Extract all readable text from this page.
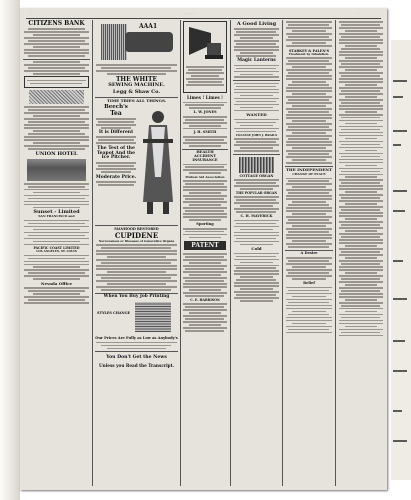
· · ·	· · · · · · ·	· · ·
CITIZENS BANK
UNION HOTEL
Sunset - Limited
SAN FRANCISCO and
PACIFIC COAST LIMITED
LOS ANGELES, ST. LOUIS
Nevada Office
AAA1
THE WHITE
SEWING MACHINE.
Legg & Shaw Co.
TIME TRIES ALL THINGS.
Beech's
Tea
It is Different
The Test of the
Teapot And the
Ice Pitcher.
Moderate Price.
MANHOOD RESTORED
CUPIDENE
Nervousness or Diseases of Generative Organs
When You Buy Job Printing
STYLES CHANGE
Our Prices Are Fully as Low as Anybody's
You Don't Get the News
Unless you Read the Transcript.
Limes ! Limes !
L. W. JONES
J. H. SMITH
HEALTH
ACCIDENT
INSURANCE
Mutual Aid Association
Sporting
PATENT
C. E. HARRISON
A Good Living
Magic Lanterns
WANTED
COLLEGE JOHN J. BRAILS
COTTAGE ORGAN
THE POPULAR ORGAN
C. H. MAVERICK
Cold
STARKEY & PALEN'S
Treatment by Inhalation.
THE INDEPENDENT
CHANGE OF PLACE
A Desire
Relief
